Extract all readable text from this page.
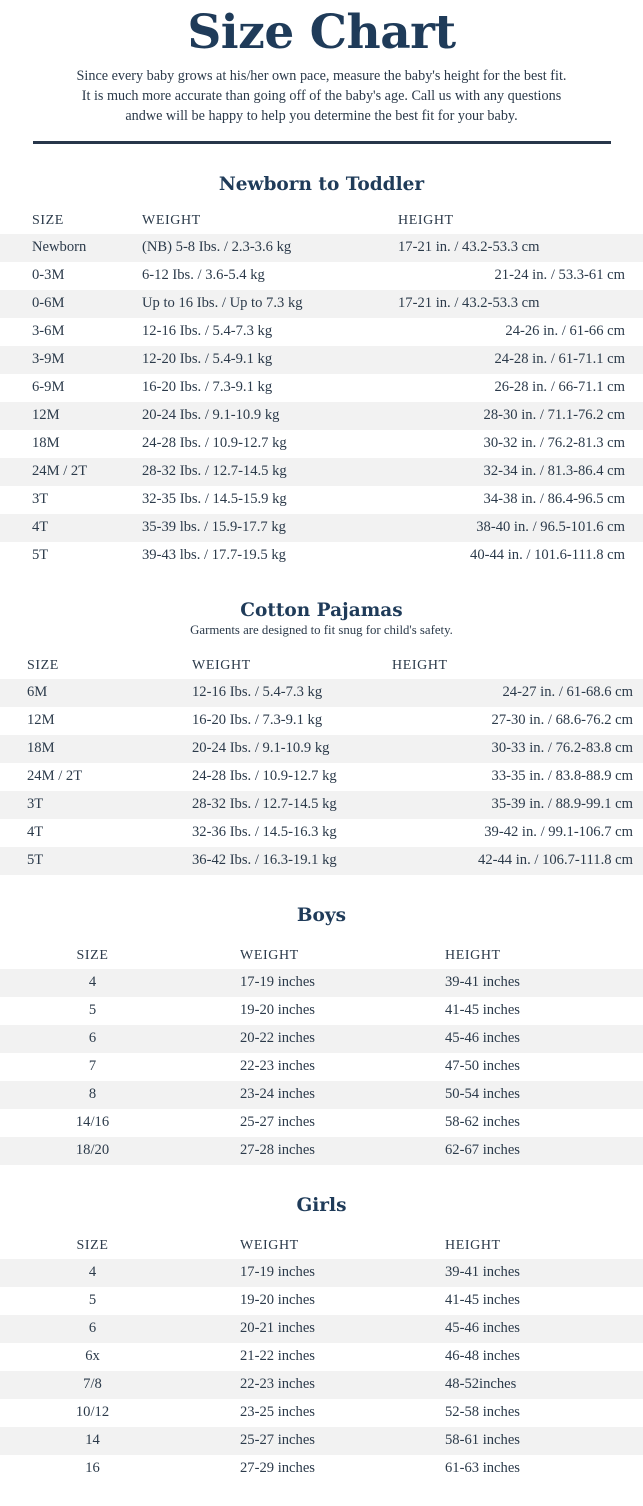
Size Chart
Since every baby grows at his/her own pace, measure the baby's height for the best fit.
It is much more accurate than going off of the baby's age. Call us with any questions
andwe will be happy to help you determine the best fit for your baby.
Newborn to Toddler
SIZE	WEIGHT	HEIGHT
Newborn	(NB) 5-8 Ibs. / 2.3-3.6 kg	17-21 in. / 43.2-53.3 cm
0-3M	6-12 Ibs. / 3.6-5.4 kg	21-24 in. / 53.3-61 cm
0-6M	Up to 16 Ibs. / Up to 7.3 kg	17-21 in. / 43.2-53.3 cm
3-6M	12-16 Ibs. / 5.4-7.3 kg	24-26 in. / 61-66 cm
3-9M	12-20 Ibs. / 5.4-9.1 kg	24-28 in. / 61-71.1 cm
6-9M	16-20 Ibs. / 7.3-9.1 kg	26-28 in. / 66-71.1 cm
12M	20-24 Ibs. / 9.1-10.9 kg	28-30 in. / 71.1-76.2 cm
18M	24-28 Ibs. / 10.9-12.7 kg	30-32 in. / 76.2-81.3 cm
24M / 2T	28-32 Ibs. / 12.7-14.5 kg	32-34 in. / 81.3-86.4 cm
3T	32-35 Ibs. / 14.5-15.9 kg	34-38 in. / 86.4-96.5 cm
4T	35-39 lbs. / 15.9-17.7 kg	38-40 in. / 96.5-101.6 cm
5T	39-43 lbs. / 17.7-19.5 kg	40-44 in. / 101.6-111.8 cm
Cotton Pajamas
Garments are designed to fit snug for child's safety.
SIZE	WEIGHT	HEIGHT
6M	12-16 Ibs. / 5.4-7.3 kg	24-27 in. / 61-68.6 cm
12M	16-20 Ibs. / 7.3-9.1 kg	27-30 in. / 68.6-76.2 cm
18M	20-24 Ibs. / 9.1-10.9 kg	30-33 in. / 76.2-83.8 cm
24M / 2T	24-28 Ibs. / 10.9-12.7 kg	33-35 in. / 83.8-88.9 cm
3T	28-32 Ibs. / 12.7-14.5 kg	35-39 in. / 88.9-99.1 cm
4T	32-36 Ibs. / 14.5-16.3 kg	39-42 in. / 99.1-106.7 cm
5T	36-42 Ibs. / 16.3-19.1 kg	42-44 in. / 106.7-111.8 cm
Boys
SIZE	WEIGHT	HEIGHT
4	17-19 inches	39-41 inches
5	19-20 inches	41-45 inches
6	20-22 inches	45-46 inches
7	22-23 inches	47-50 inches
8	23-24 inches	50-54 inches
14/16	25-27 inches	58-62 inches
18/20	27-28 inches	62-67 inches
Girls
SIZE	WEIGHT	HEIGHT
4	17-19 inches	39-41 inches
5	19-20 inches	41-45 inches
6	20-21 inches	45-46 inches
6x	21-22 inches	46-48 inches
7/8	22-23 inches	48-52inches
10/12	23-25 inches	52-58 inches
14	25-27 inches	58-61 inches
16	27-29 inches	61-63 inches
